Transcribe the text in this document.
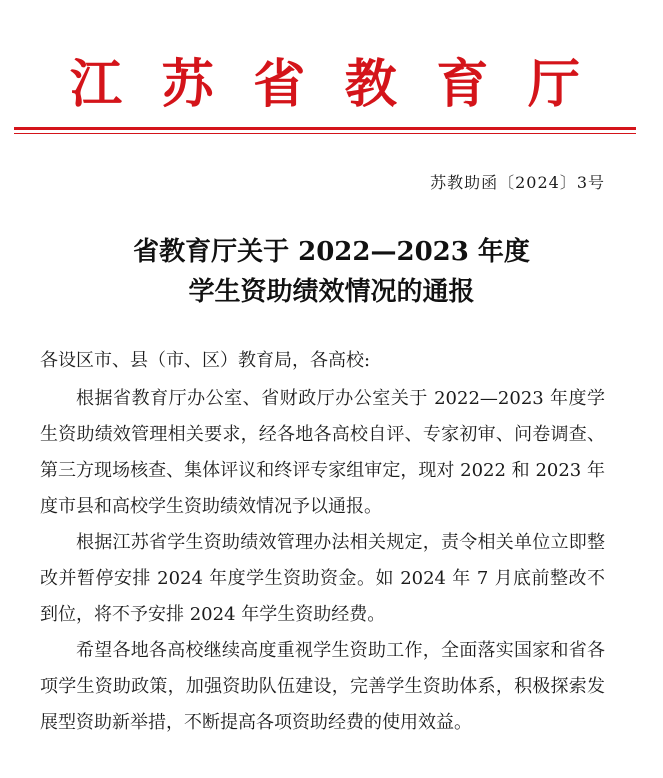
江 苏 省 教 育 厅
苏教助函〔2024〕3号
省教育厅关于 2022—2023 年度
学生资助绩效情况的通报
各设区市、县（市、区）教育局，各高校:
根据省教育厅办公室、省财政厅办公室关于 2022—2023 年度学生资助绩效管理相关要求，经各地各高校自评、专家初审、问卷调查、第三方现场核查、集体评议和终评专家组审定，现对 2022 和 2023 年度市县和高校学生资助绩效情况予以通报。
根据江苏省学生资助绩效管理办法相关规定，责令相关单位立即整改并暂停安排 2024 年度学生资助资金。如 2024 年 7 月底前整改不到位，将不予安排 2024 年学生资助经费。
希望各地各高校继续高度重视学生资助工作，全面落实国家和省各项学生资助政策，加强资助队伍建设，完善学生资助体系，积极探索发展型资助新举措，不断提高各项资助经费的使用效益。
